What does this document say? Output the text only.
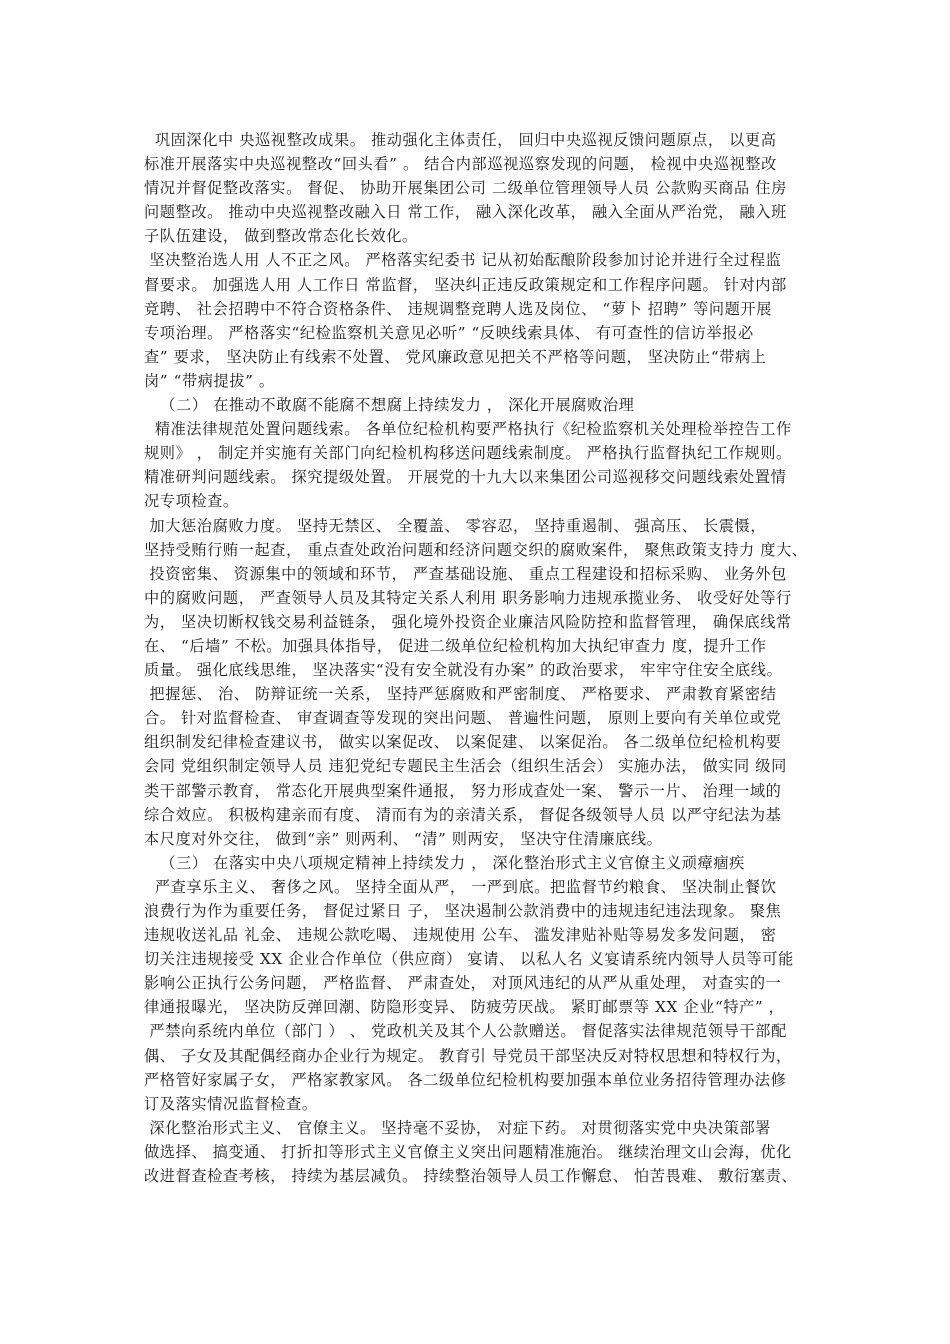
巩固深化中 央巡视整改成果。 推动强化主体责任， 回归中央巡视反馈问题原点， 以更高
标准开展落实中央巡视整改“回头看” 。 结合内部巡视巡察发现的问题， 检视中央巡视整改
情况并督促整改落实。 督促、 协助开展集团公司 二级单位管理领导人员 公款购买商品 住房
问题整改。 推动中央巡视整改融入日 常工作， 融入深化改革， 融入全面从严治党， 融入班
子队伍建设， 做到整改常态化长效化。
坚决整治选人用 人不正之风。 严格落实纪委书 记从初始酝酿阶段参加讨论并进行全过程监
督要求。 加强选人用 人工作日 常监督， 坚决纠正违反政策规定和工作程序问题。 针对内部
竞聘、 社会招聘中不符合资格条件、 违规调整竞聘人选及岗位、 “萝卜 招聘” 等问题开展
专项治理。 严格落实“纪检监察机关意见必听” “反映线索具体、 有可查性的信访举报必
查” 要求， 坚决防止有线索不处置、 党风廉政意见把关不严格等问题， 坚决防止“带病上
岗” “带病提拔” 。
（二） 在推动不敢腐不能腐不想腐上持续发力 ， 深化开展腐败治理
精准法律规范处置问题线索。 各单位纪检机构要严格执行《纪检监察机关处理检举控告工作
规则》 ， 制定并实施有关部门向纪检机构移送问题线索制度。 严格执行监督执纪工作规则。
精准研判问题线索。 探究提级处置。 开展党的十九大以来集团公司巡视移交问题线索处置情
况专项检查。
加大惩治腐败力度。 坚持无禁区、 全覆盖、 零容忍， 坚持重遏制、 强高压、 长震慑，
坚持受贿行贿一起查， 重点查处政治问题和经济问题交织的腐败案件， 聚焦政策支持力 度大、
投资密集、 资源集中的领域和环节， 严查基础设施、 重点工程建设和招标采购、 业务外包
中的腐败问题， 严查领导人员及其特定关系人利用 职务影响力违规承揽业务、 收受好处等行
为， 坚决切断权钱交易利益链条， 强化境外投资企业廉洁风险防控和监督管理， 确保底线常
在、 “后墙” 不松。加强具体指导， 促进二级单位纪检机构加大执纪审查力 度，提升工作
质量。 强化底线思维， 坚决落实“没有安全就没有办案” 的政治要求， 牢牢守住安全底线。
把握惩、 治、 防辩证统一关系， 坚持严惩腐败和严密制度、 严格要求、 严肃教育紧密结
合。 针对监督检查、 审查调查等发现的突出问题、 普遍性问题， 原则上要向有关单位或党
组织制发纪律检查建议书， 做实以案促改、 以案促建、 以案促治。 各二级单位纪检机构要
会同 党组织制定领导人员 违犯党纪专题民主生活会（组织生活会） 实施办法， 做实同 级同
类干部警示教育， 常态化开展典型案件通报， 努力形成查处一案、 警示一片、 治理一域的
综合效应。 积极构建亲而有度、 清而有为的亲清关系， 督促各级领导人员 以严守纪法为基
本尺度对外交往， 做到“亲” 则两利、 “清” 则两安， 坚决守住清廉底线。
（三） 在落实中央八项规定精神上持续发力 ， 深化整治形式主义官僚主义顽瘴痼疾
严查享乐主义、 奢侈之风。 坚持全面从严， 一严到底。把监督节约粮食、 坚决制止餐饮
浪费行为作为重要任务， 督促过紧日 子， 坚决遏制公款消费中的违规违纪违法现象。 聚焦
违规收送礼品 礼金、 违规公款吃喝、 违规使用 公车、 滥发津贴补贴等易发多发问题， 密
切关注违规接受 XX 企业合作单位（供应商） 宴请、 以私人名 义宴请系统内领导人员等可能
影响公正执行公务问题， 严格监督、 严肃查处， 对顶风违纪的从严从重处理， 对查实的一
律通报曝光， 坚决防反弹回潮、防隐形变异、 防疲劳厌战。 紧盯邮票等 XX 企业“特产” ，
严禁向系统内单位（部门 ） 、 党政机关及其个人公款赠送。 督促落实法律规范领导干部配
偶、 子女及其配偶经商办企业行为规定。 教育引 导党员干部坚决反对特权思想和特权行为，
严格管好家属子女， 严格家教家风。 各二级单位纪检机构要加强本单位业务招待管理办法修
订及落实情况监督检查。
深化整治形式主义、 官僚主义。 坚持毫不妥协， 对症下药。 对贯彻落实党中央决策部署
做选择、 搞变通、 打折扣等形式主义官僚主义突出问题精准施治。 继续治理文山会海，优化
改进督查检查考核， 持续为基层减负。 持续整治领导人员工作懈怠、 怕苦畏难、 敷衍塞责、
